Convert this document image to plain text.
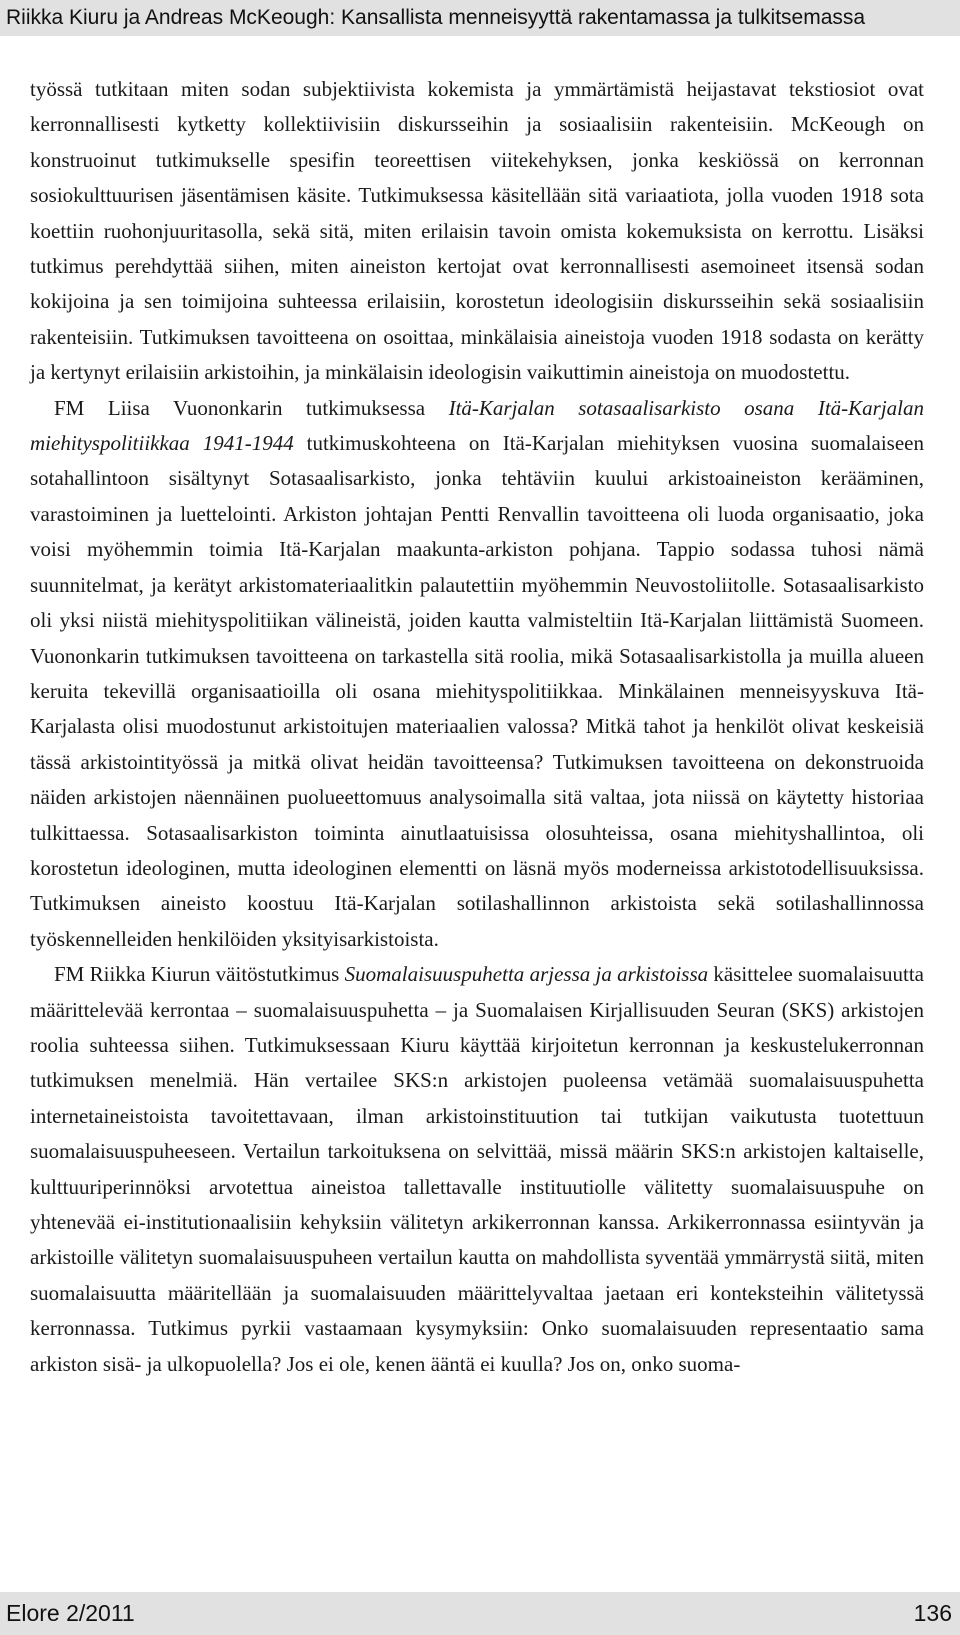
Riikka Kiuru ja Andreas McKeough: Kansallista menneisyyttä rakentamassa ja tulkitsemassa

työssä tutkitaan miten sodan subjektiivista kokemista ja ymmärtämistä heijastavat tekstiosiot ovat kerronnallisesti kytketty kollektiivisiin diskursseihin ja sosiaalisiin rakenteisiin. McKeough on konstruoinut tutkimukselle spesifin teoreettisen viitekehyksen, jonka keskiössä on kerronnan sosiokulttuurisen jäsentämisen käsite. Tutkimuksessa käsitellään sitä variaatiota, jolla vuoden 1918 sota koettiin ruohonjuuritasolla, sekä sitä, miten erilaisin tavoin omista kokemuksista on kerrottu. Lisäksi tutkimus perehdyttää siihen, miten aineiston kertojat ovat kerronnallisesti asemoineet itsensä sodan kokijoina ja sen toimijoina suhteessa erilaisiin, korostetun ideologisiin diskursseihin sekä sosiaalisiin rakenteisiin. Tutkimuksen tavoitteena on osoittaa, minkälaisia aineistoja vuoden 1918 sodasta on kerätty ja kertynyt erilaisiin arkistoihin, ja minkälaisin ideologisin vaikuttimin aineistoja on muodostettu.

FM Liisa Vuononkarin tutkimuksessa Itä-Karjalan sotasaalisarkisto osana Itä-Karjalan miehityspolitiikkaa 1941-1944 tutkimuskohteena on Itä-Karjalan miehityksen vuosina suomalaiseen sotahallintoon sisältynyt Sotasaalisarkisto, jonka tehtäviin kuului arkistoaineiston kerääminen, varastoiminen ja luettelointi. Arkiston johtajan Pentti Renvallin tavoitteena oli luoda organisaatio, joka voisi myöhemmin toimia Itä-Karjalan maakunta-arkiston pohjana. Tappio sodassa tuhosi nämä suunnitelmat, ja kerätyt arkistomateriaalitkin palautettiin myöhemmin Neuvostoliitolle. Sotasaalisarkisto oli yksi niistä miehityspolitiikan välineistä, joiden kautta valmisteltiin Itä-Karjalan liittämistä Suomeen. Vuononkarin tutkimuksen tavoitteena on tarkastella sitä roolia, mikä Sotasaalisarkistolla ja muilla alueen keruita tekevillä organisaatioilla oli osana miehityspolitiikkaa. Minkälainen menneisyyskuva Itä-Karjalasta olisi muodostunut arkistoitujen materiaalien valossa? Mitkä tahot ja henkilöt olivat keskeisiä tässä arkistointityössä ja mitkä olivat heidän tavoitteensa? Tutkimuksen tavoitteena on dekonstruoida näiden arkistojen näennäinen puolueettomuus analysoimalla sitä valtaa, jota niissä on käytetty historiaa tulkittaessa. Sotasaalisarkiston toiminta ainutlaatuisissa olosuhteissa, osana miehityshallintoa, oli korostetun ideologinen, mutta ideologinen elementti on läsnä myös moderneissa arkistotodellisuuksissa. Tutkimuksen aineisto koostuu Itä-Karjalan sotilashallinnon arkistoista sekä sotilashallinnossa työskennelleiden henkilöiden yksityisarkistoista.

FM Riikka Kiurun väitöstutkimus Suomalaisuuspuhetta arjessa ja arkistoissa käsittelee suomalaisuutta määrittelevää kerrontaa – suomalaisuuspuhetta – ja Suomalaisen Kirjallisuuden Seuran (SKS) arkistojen roolia suhteessa siihen. Tutkimuksessaan Kiuru käyttää kirjoitetun kerronnan ja keskustelukerronnan tutkimuksen menelmiä. Hän vertailee SKS:n arkistojen puoleensa vetämää suomalaisuuspuhetta internetaineistoista tavoitettavaan, ilman arkistoinstituution tai tutkijan vaikutusta tuotettuun suomalaisuuspuheeseen. Vertailun tarkoituksena on selvittää, missä määrin SKS:n arkistojen kaltaiselle, kulttuuriperinnöksi arvotettua aineistoa tallettavalle instituutiolle välitetty suomalaisuuspuhe on yhtenevää ei-institutionaalisiin kehyksiin välitetyn arkikerronnan kanssa. Arkikerronnassa esiintyvän ja arkistoille välitetyn suomalaisuuspuheen vertailun kautta on mahdollista syventää ymmärrystä siitä, miten suomalaisuutta määritellään ja suomalaisuuden määrittelyvaltaa jaetaan eri konteksteihin välitetyssä kerronnassa. Tutkimus pyrkii vastaamaan kysymyksiin: Onko suomalaisuuden representaatio sama arkiston sisä- ja ulkopuolella? Jos ei ole, kenen ääntä ei kuulla? Jos on, onko suoma-

Elore 2/2011	136
